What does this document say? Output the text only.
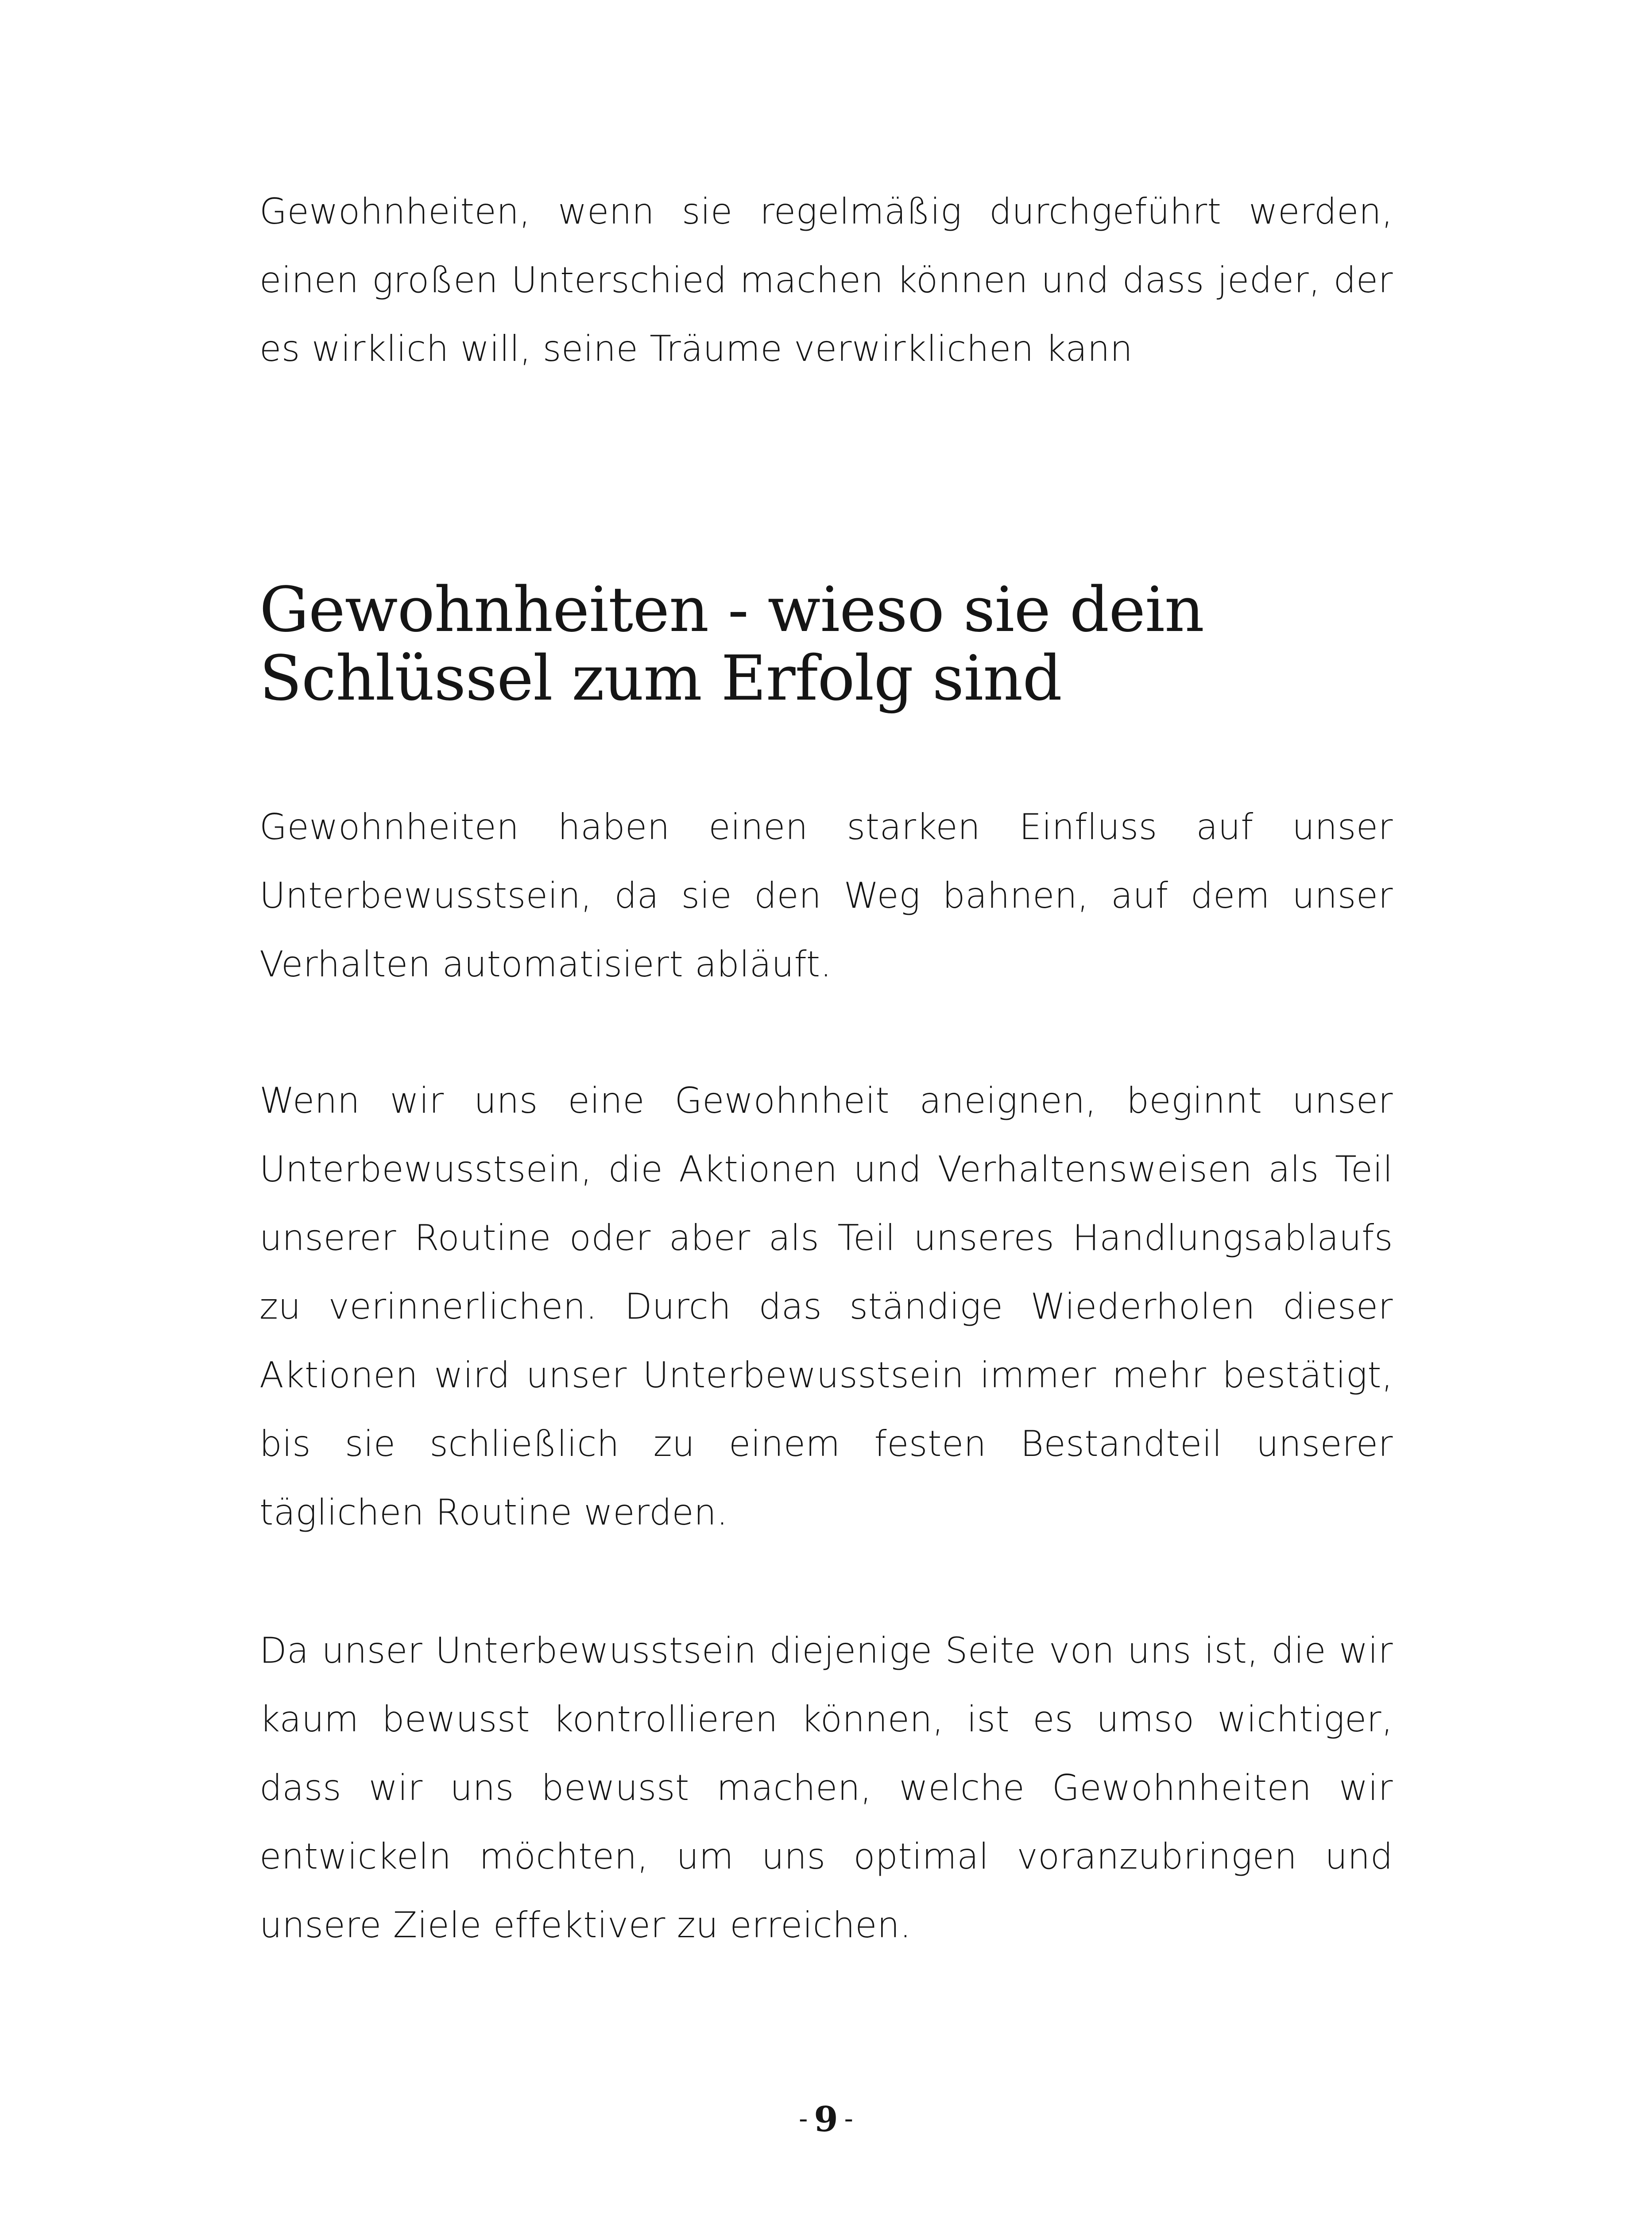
Gewohnheiten, wenn sie regelmäßig durchgeführt werden, einen großen Unterschied machen können und dass jeder, der es wirklich will, seine Träume verwirklichen kann

Gewohnheiten - wieso sie dein
Schlüssel zum Erfolg sind

Gewohnheiten haben einen starken Einfluss auf unser Unterbewusstsein, da sie den Weg bahnen, auf dem unser Verhalten automatisiert abläuft.

Wenn wir uns eine Gewohnheit aneignen, beginnt unser Unterbewusstsein, die Aktionen und Verhaltensweisen als Teil unserer Routine oder aber als Teil unseres Handlungsablaufs zu verinnerlichen. Durch das ständige Wiederholen dieser Aktionen wird unser Unterbewusstsein immer mehr bestätigt, bis sie schließlich zu einem festen Bestandteil unserer täglichen Routine werden.

Da unser Unterbewusstsein diejenige Seite von uns ist, die wir kaum bewusst kontrollieren können, ist es umso wichtiger, dass wir uns bewusst machen, welche Gewohnheiten wir entwickeln möchten, um uns optimal voranzubringen und unsere Ziele effektiver zu erreichen.

- 9 -
